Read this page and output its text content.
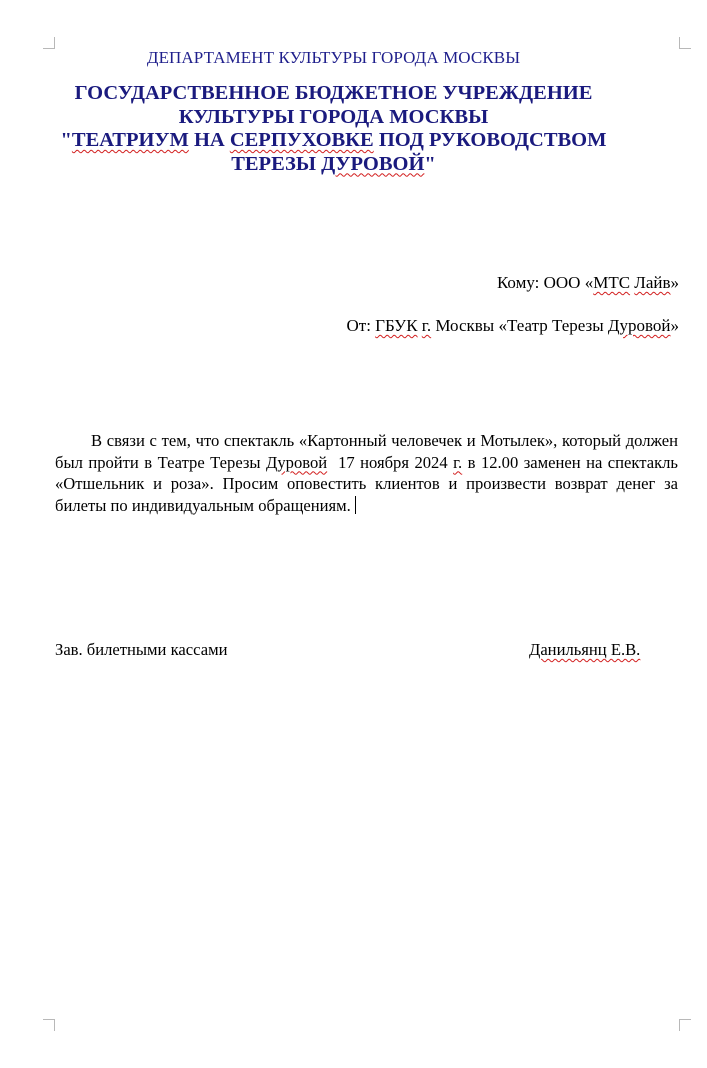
ДЕПАРТАМЕНТ КУЛЬТУРЫ ГОРОДА МОСКВЫ
ГОСУДАРСТВЕННОЕ БЮДЖЕТНОЕ УЧРЕЖДЕНИЕ
КУЛЬТУРЫ ГОРОДА МОСКВЫ
"ТЕАТРИУМ НА СЕРПУХОВКЕ ПОД РУКОВОДСТВОМ
ТЕРЕЗЫ ДУРОВОЙ"
Кому: ООО «МТС Лайв»
От: ГБУК г. Москвы «Театр Терезы Дуровой»
В связи с тем, что спектакль «Картонный человечек и Мотылек», который должен был пройти в Театре Терезы Дуровой  17 ноября 2024 г. в 12.00 заменен на спектакль «Отшельник и роза». Просим оповестить клиентов и произвести возврат денег за билеты по индивидуальным обращениям.
Зав. билетными кассами	Данильянц Е.В.
